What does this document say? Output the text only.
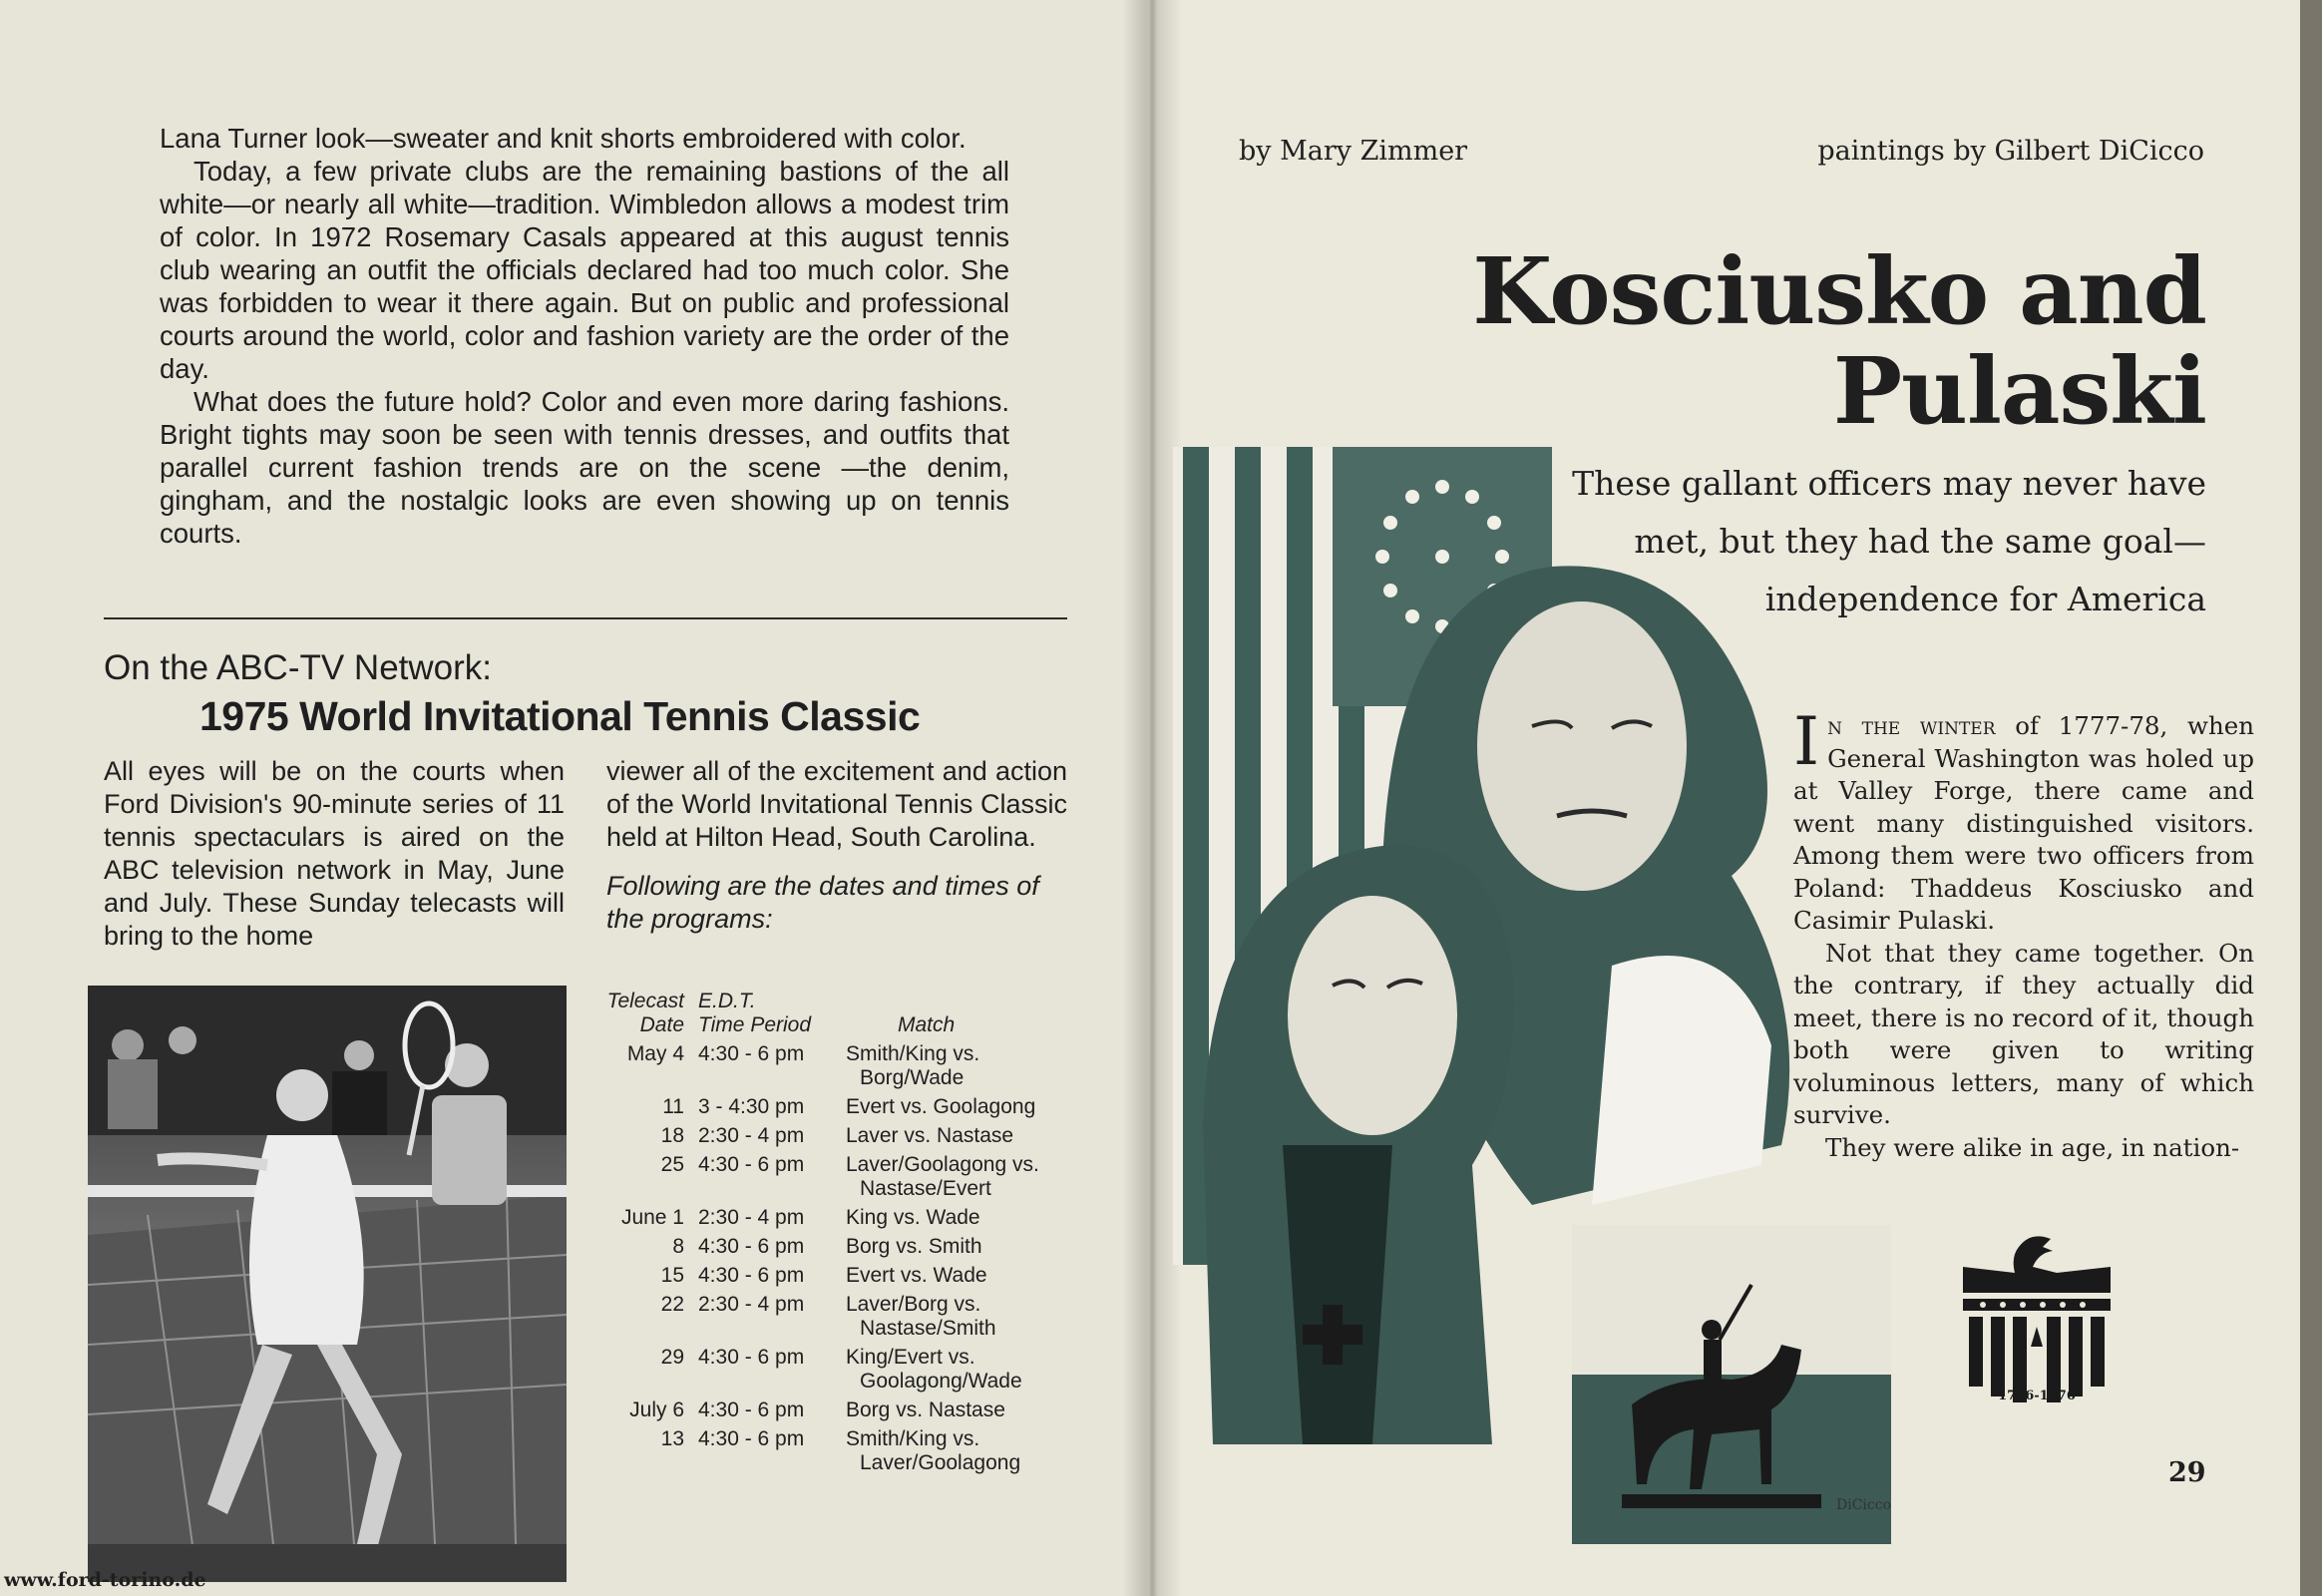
Lana Turner look—sweater and knit shorts embroidered with color.

Today, a few private clubs are the remaining bastions of the all white—or nearly all white—tradition. Wimbledon allows a modest trim of color. In 1972 Rosemary Casals appeared at this august tennis club wearing an outfit the officials declared had too much color. She was forbidden to wear it there again. But on public and professional courts around the world, color and fashion variety are the order of the day.

What does the future hold? Color and even more daring fashions. Bright tights may soon be seen with tennis dresses, and outfits that parallel current fashion trends are on the scene —the denim, gingham, and the nostalgic looks are even showing up on tennis courts.

On the ABC-TV Network:
1975 World Invitational Tennis Classic
All eyes will be on the courts when Ford Division's 90-minute series of 11 tennis spectaculars is aired on the ABC television network in May, June and July. These Sunday telecasts will bring to the home
viewer all of the excitement and action of the World Invitational Tennis Classic held at Hilton Head, South Carolina.
Following are the dates and times of the programs:
Telecast E.D.T.
Date Time Period	Match
May 4 4:30 - 6 pm	Smith/King vs.
Borg/Wade
11 3 - 4:30 pm	Evert vs. Goolagong
18 2:30 - 4 pm	Laver vs. Nastase
25 4:30 - 6 pm	Laver/Goolagong vs.
Nastase/Evert
June 1 2:30 - 4 pm	King vs. Wade
8 4:30 - 6 pm	Borg vs. Smith
15 4:30 - 6 pm	Evert vs. Wade
22 2:30 - 4 pm	Laver/Borg vs.
Nastase/Smith
29 4:30 - 6 pm	King/Evert vs.
Goolagong/Wade
July 6 4:30 - 6 pm	Borg vs. Nastase
13 4:30 - 6 pm	Smith/King vs.
Laver/Goolagong
www.ford-torino.de
by Mary Zimmer	paintings by Gilbert DiCicco
Kosciusko and
Pulaski
These gallant officers may never have met, but they had the same goal— independence for America
DiCicco

In the winter of 1777-78, when General Washington was holed up at Valley Forge, there came and went many distinguished visitors. Among them were two officers from Poland: Thaddeus Kosciusko and Casimir Pulaski.

Not that they came together. On the contrary, if they actually did meet, there is no record of it, though both were given to writing voluminous letters, many of which survive.

They were alike in age, in nation-

1776-1976
29
